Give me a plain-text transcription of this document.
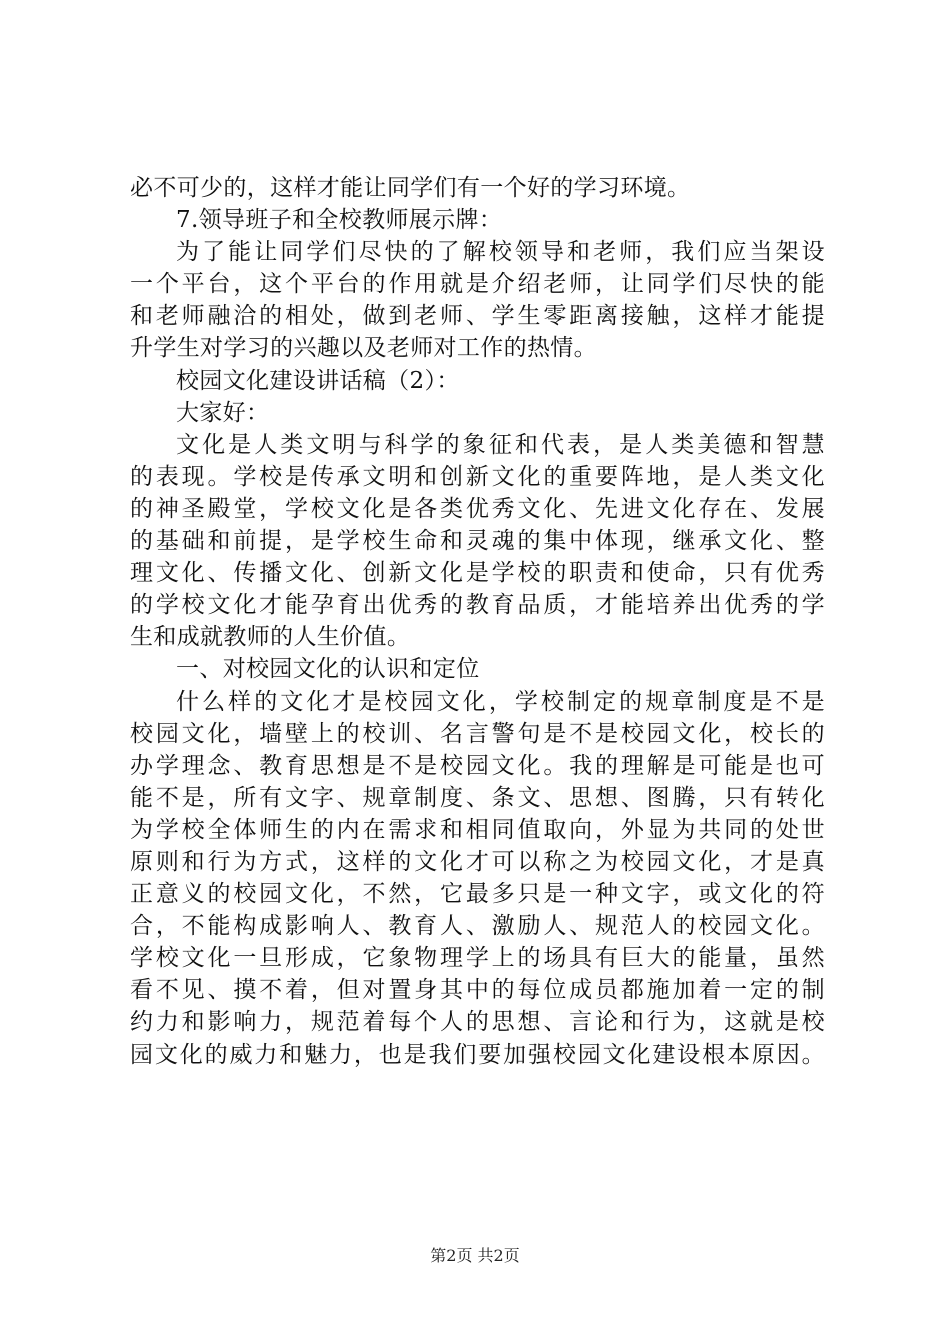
必不可少的，这样才能让同学们有一个好的学习环境。
7.领导班子和全校教师展示牌：
为了能让同学们尽快的了解校领导和老师，我们应当架设
一个平台，这个平台的作用就是介绍老师，让同学们尽快的能
和老师融洽的相处，做到老师、学生零距离接触，这样才能提
升学生对学习的兴趣以及老师对工作的热情。
校园文化建设讲话稿（2）：
大家好：
文化是人类文明与科学的象征和代表，是人类美德和智慧
的表现。学校是传承文明和创新文化的重要阵地，是人类文化
的神圣殿堂，学校文化是各类优秀文化、先进文化存在、发展
的基础和前提，是学校生命和灵魂的集中体现，继承文化、整
理文化、传播文化、创新文化是学校的职责和使命，只有优秀
的学校文化才能孕育出优秀的教育品质，才能培养出优秀的学
生和成就教师的人生价值。
一、对校园文化的认识和定位
什么样的文化才是校园文化，学校制定的规章制度是不是
校园文化，墙壁上的校训、名言警句是不是校园文化，校长的
办学理念、教育思想是不是校园文化。我的理解是可能是也可
能不是，所有文字、规章制度、条文、思想、图腾，只有转化
为学校全体师生的内在需求和相同值取向，外显为共同的处世
原则和行为方式，这样的文化才可以称之为校园文化，才是真
正意义的校园文化，不然，它最多只是一种文字，或文化的符
合，不能构成影响人、教育人、激励人、规范人的校园文化。
学校文化一旦形成，它象物理学上的场具有巨大的能量，虽然
看不见、摸不着，但对置身其中的每位成员都施加着一定的制
约力和影响力，规范着每个人的思想、言论和行为，这就是校
园文化的威力和魅力，也是我们要加强校园文化建设根本原因。
第2页 共2页
